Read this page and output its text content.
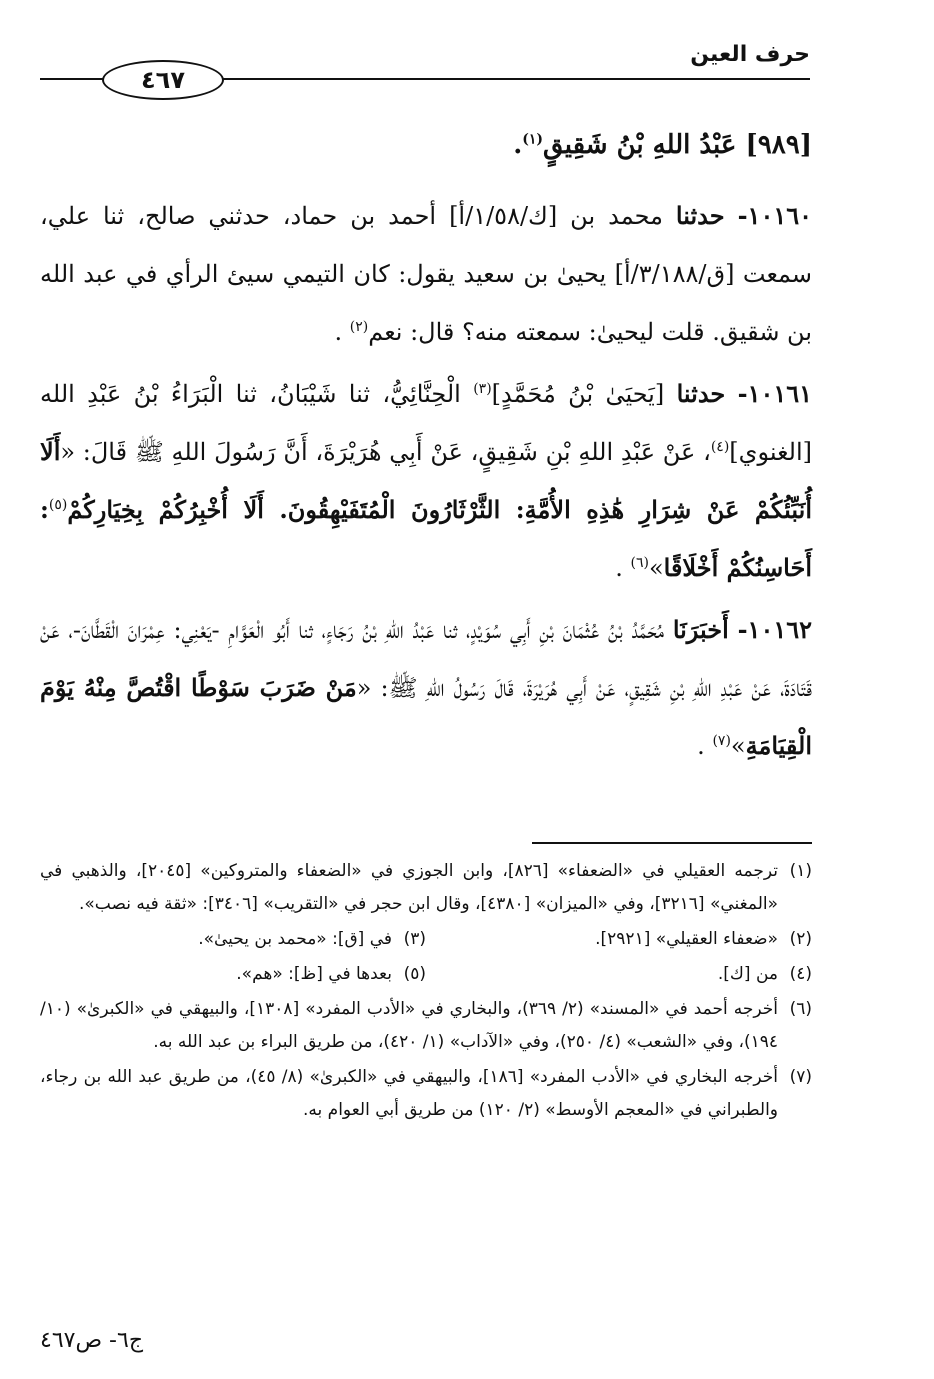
حرف العين
٤٦٧

[٩٨٩] عَبْدُ اللهِ بْنُ شَقِيقٍ$^{(١)}$.

١٠١٦٠- حدثنا محمد بن [ك/١/٥٨/أ] أحمد بن حماد، حدثني صالح، ثنا علي، سمعت [ق/٣/١٨٨/أ] يحيىٰ بن سعيد يقول: كان التيمي سيئ الرأي في عبد الله بن شقيق. قلت ليحيىٰ: سمعته منه؟ قال: نعم$^{(٢)}$ .

١٠١٦١- حدثنا [يَحيَىٰ بْنُ مُحَمَّدٍ]$^{(٣)}$ الْحِنَّائِيُّ، ثنا شَيْبَانُ، ثنا الْبَرَاءُ بْنُ عَبْدِ الله [الغنوي]$^{(٤)}$، عَنْ عَبْدِ اللهِ بْنِ شَقِيقٍ، عَنْ أَبِي هُرَيْرَةَ، أَنَّ رَسُولَ اللهِ ﷺ قَالَ: «أَلَا أُنَبِّئُكُمْ عَنْ شِرَارِ هَٰذِهِ الأُمَّةِ: الثَّرْثَارُونَ الْمُتَفَيْهِقُونَ. أَلَا أُخْبِرُكُمْ بِخِيَارِكُمْ$^{(٥)}$: أَحَاسِنُكُمْ أَخْلَاقًا»$^{(٦)}$ .

١٠١٦٢- أَخبَرَنَا مُحَمَّدُ بْنُ عُثْمَانَ بْنِ أَبِي سُوَيْدٍ، ثنا عَبْدُ اللهِ بْنُ رَجَاءٍ، ثنا أَبُو الْعَوَّامِ -يَعْنِي: عِمْرَانَ الْقَطَّانَ-، عَنْ قَتَادَةَ، عَنْ عَبْدِ اللهِ بْنِ شَقِيقٍ، عَنْ أَبِي هُرَيْرَةَ، قَالَ رَسُولُ اللهِ ﷺ: «مَنْ ضَرَبَ سَوْطًا اقْتُصَّ مِنْهُ يَوْمَ الْقِيَامَةِ»$^{(٧)}$ .

(١)
ترجمه العقيلي في «الضعفاء» [٨٢٦]، وابن الجوزي في «الضعفاء والمتروكين» [٢٠٤٥]، والذهبي في «المغني» [٣٢١٦]، وفي «الميزان» [٤٣٨٠]، وقال ابن حجر في «التقريب» [٣٤٠٦]: «ثقة فيه نصب».

(٢)
«ضعفاء العقيلي» [٢٩٢١].
(٣)
في [ق]: «محمد بن يحيىٰ».
(٤)
من [ك].
(٥)
بعدها في [ظ]: «هم».

(٦)
أخرجه أحمد في «المسند» (٢/ ٣٦٩)، والبخاري في «الأدب المفرد» [١٣٠٨]، والبيهقي في «الكبرىٰ» (١٠/ ١٩٤)، وفي «الشعب» (٤/ ٢٥٠)، وفي «الآداب» (١/ ٤٢٠)، من طريق البراء بن عبد الله به.

(٧)
أخرجه البخاري في «الأدب المفرد» [١٨٦]، والبيهقي في «الكبرىٰ» (٨/ ٤٥)، من طريق عبد الله بن رجاء، والطبراني في «المعجم الأوسط» (٢/ ١٢٠) من طريق أبي العوام به.

ج٦- ص٤٦٧
